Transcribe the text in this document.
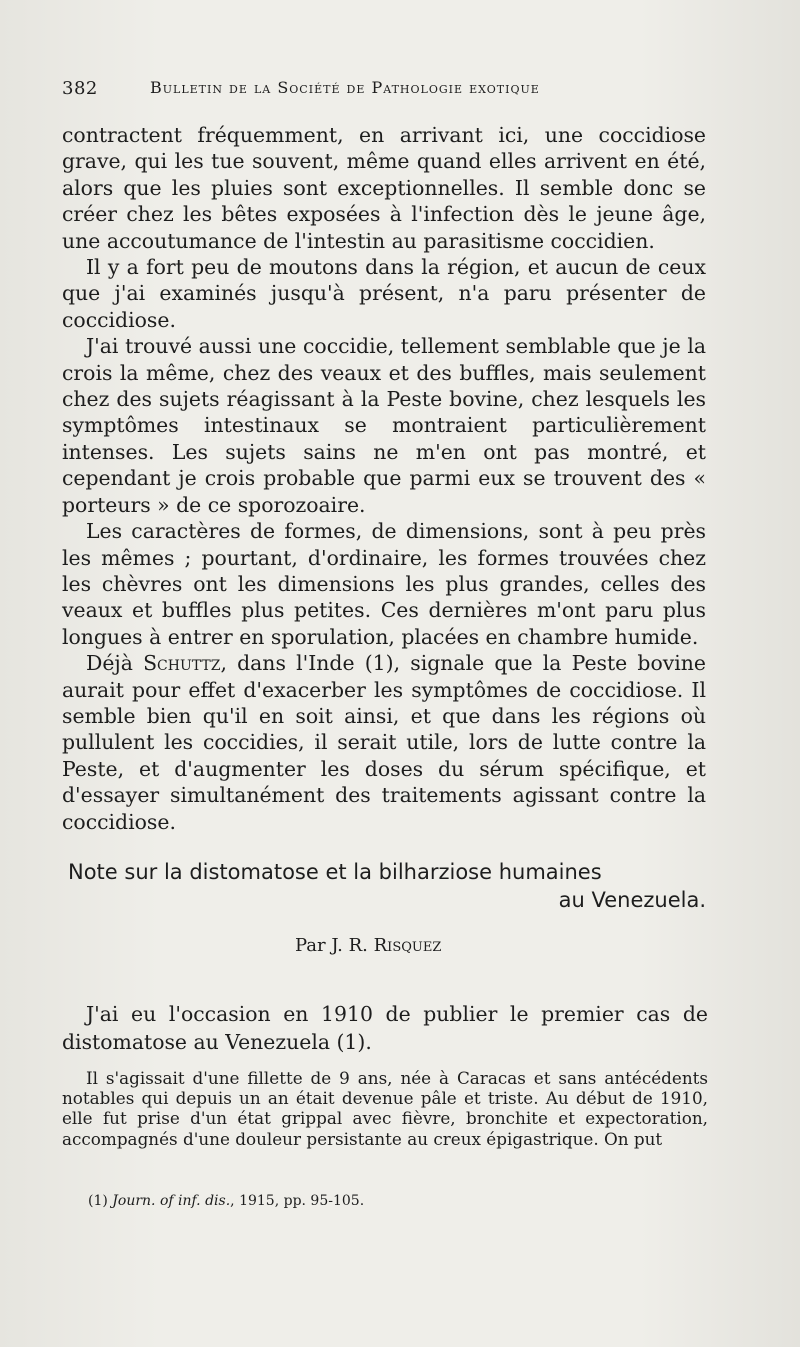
382	Bulletin de la Société de Pathologie exotique

contractent fréquemment, en arrivant ici, une coccidiose grave, qui les tue souvent, même quand elles arrivent en été, alors que les pluies sont exceptionnelles. Il semble donc se créer chez les bêtes exposées à l'infection dès le jeune âge, une accoutumance de l'intestin au parasitisme coccidien.

Il y a fort peu de moutons dans la région, et aucun de ceux que j'ai examinés jusqu'à présent, n'a paru présenter de coccidiose.

J'ai trouvé aussi une coccidie, tellement semblable que je la crois la même, chez des veaux et des buffles, mais seulement chez des sujets réagissant à la Peste bovine, chez lesquels les symptômes intestinaux se montraient particulièrement intenses. Les sujets sains ne m'en ont pas montré, et cependant je crois probable que parmi eux se trouvent des « porteurs » de ce sporozoaire.

Les caractères de formes, de dimensions, sont à peu près les mêmes ; pourtant, d'ordinaire, les formes trouvées chez les chèvres ont les dimensions les plus grandes, celles des veaux et buffles plus petites. Ces dernières m'ont paru plus longues à entrer en sporulation, placées en chambre humide.

Déjà Schuttz, dans l'Inde (1), signale que la Peste bovine aurait pour effet d'exacerber les symptômes de coccidiose. Il semble bien qu'il en soit ainsi, et que dans les régions où pullulent les coccidies, il serait utile, lors de lutte contre la Peste, et d'augmenter les doses du sérum spécifique, et d'essayer simultanément des traitements agissant contre la coccidiose.

Note sur la distomatose et la bilharziose humaines
au Venezuela.
Par J. R. Risquez

J'ai eu l'occasion en 1910 de publier le premier cas de distomatose au Venezuela (1).

Il s'agissait d'une fillette de 9 ans, née à Caracas et sans antécédents notables qui depuis un an était devenue pâle et triste. Au début de 1910, elle fut prise d'un état grippal avec fièvre, bronchite et expectoration, accompagnés d'une douleur persistante au creux épigastrique. On put

(1) Journ. of inf. dis., 1915, pp. 95-105.
